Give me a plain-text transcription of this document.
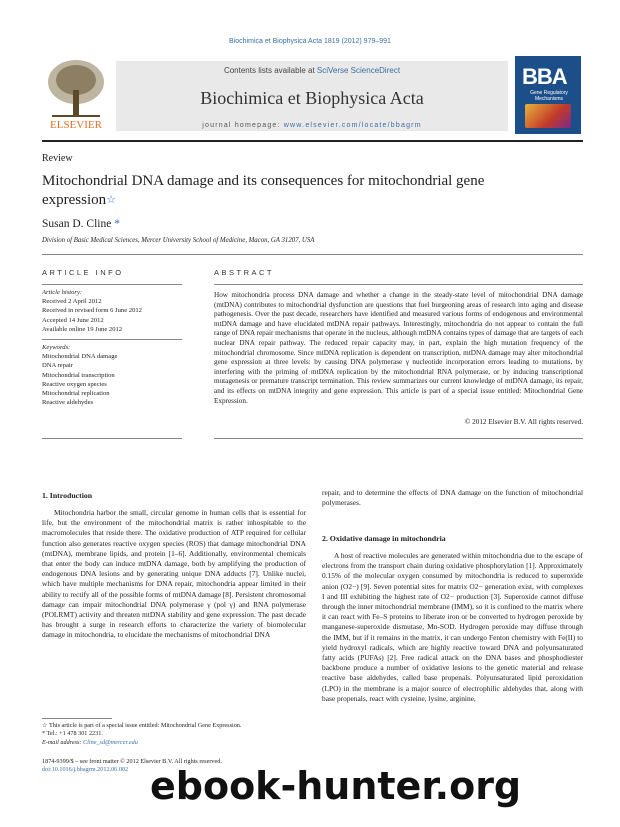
Biochimica et Biophysica Acta 1819 (2012) 979–991
ELSEVIER
Contents lists available at SciVerse ScienceDirect
Biochimica et Biophysica Acta
journal homepage: www.elsevier.com/locate/bbagrm
BBA
Gene Regulatory Mechanisms
Review
Mitochondrial DNA damage and its consequences for mitochondrial gene expression☆
Susan D. Cline *
Division of Basic Medical Sciences, Mercer University School of Medicine, Macon, GA 31207, USA
ARTICLE INFO
Article history:
Received 2 April 2012
Received in revised form 6 June 2012
Accepted 14 June 2012
Available online 19 June 2012
Keywords:
Mitochondrial DNA damage
DNA repair
Mitochondrial transcription
Reactive oxygen species
Mitochondrial replication
Reactive aldehydes
ABSTRACT
How mitochondria process DNA damage and whether a change in the steady-state level of mitochondrial DNA damage (mtDNA) contributes to mitochondrial dysfunction are questions that fuel burgeoning areas of research into aging and disease pathogenesis. Over the past decade, researchers have identified and measured various forms of endogenous and environmental mtDNA damage and have elucidated mtDNA repair pathways. Interestingly, mitochondria do not appear to contain the full range of DNA repair mechanisms that operate in the nucleus, although mtDNA contains types of damage that are targets of each nuclear DNA repair pathway. The reduced repair capacity may, in part, explain the high mutation frequency of the mitochondrial chromosome. Since mtDNA replication is dependent on transcription, mtDNA damage may alter mitochondrial gene expression at three levels: by causing DNA polymerase γ nucleotide incorporation errors leading to mutations, by interfering with the priming of mtDNA replication by the mitochondrial RNA polymerase, or by inducing transcriptional mutagenesis or premature transcript termination. This review summarizes our current knowledge of mtDNA damage, its repair, and its effects on mtDNA integrity and gene expression. This article is part of a special issue entitled: Mitochondrial Gene Expression.
© 2012 Elsevier B.V. All rights reserved.
1. Introduction
Mitochondria harbor the small, circular genome in human cells that is essential for life, but the environment of the mitochondrial matrix is rather inhospitable to the macromolecules that reside there. The oxidative production of ATP required for cellular function also generates reactive oxygen species (ROS) that damage mitochondrial DNA (mtDNA), membrane lipids, and protein [1–6]. Additionally, environmental chemicals that enter the body can induce mtDNA damage, both by amplifying the production of endogenous DNA lesions and by generating unique DNA adducts [7]. Unlike nuclei, which have multiple mechanisms for DNA repair, mitochondria appear limited in their ability to rectify all of the possible forms of mtDNA damage [8]. Persistent chromosomal damage can impair mitochondrial DNA polymerase γ (pol γ) and RNA polymerase (POLRMT) activity and threaten mtDNA stability and gene expression. The past decade has brought a surge in research efforts to characterize the variety of biomolecular damage in mitochondria, to elucidate the mechanisms of mitochondrial DNA
repair, and to determine the effects of DNA damage on the function of mitochondrial polymerases.
2. Oxidative damage in mitochondria
A host of reactive molecules are generated within mitochondria due to the escape of electrons from the transport chain during oxidative phosphorylation [1]. Approximately 0.15% of the molecular oxygen consumed by mitochondria is reduced to superoxide anion (O2−) [9]. Seven potential sites for matrix O2− generation exist, with complexes I and III exhibiting the highest rate of O2− production [3]. Superoxide cannot diffuse through the inner mitochondrial membrane (IMM), so it is confined to the matrix where it can react with Fe–S proteins to liberate iron or be converted to hydrogen peroxide by manganese-superoxide dismutase, Mn-SOD. Hydrogen peroxide may diffuse through the IMM, but if it remains in the matrix, it can undergo Fenton chemistry with Fe(II) to yield hydroxyl radicals, which are highly reactive toward DNA and polyunsaturated fatty acids (PUFAs) [2]. Free radical attack on the DNA bases and phosphodiester backbone produce a number of oxidative lesions to the genetic material and release reactive base aldehydes, called base propenals. Polyunsaturated lipid peroxidation (LPO) in the membrane is a major source of electrophilic aldehydes that, along with base propenals, react with cysteine, lysine, arginine,
☆ This article is part of a special issue entitled: Mitochondrial Gene Expression.
* Tel.: +1 478 301 2231.
E-mail address: Cline_sd@mercer.edu
1874-9399/$ – see front matter © 2012 Elsevier B.V. All rights reserved.
doi:10.1016/j.bbagrm.2012.06.002 ebook-hunter.org
